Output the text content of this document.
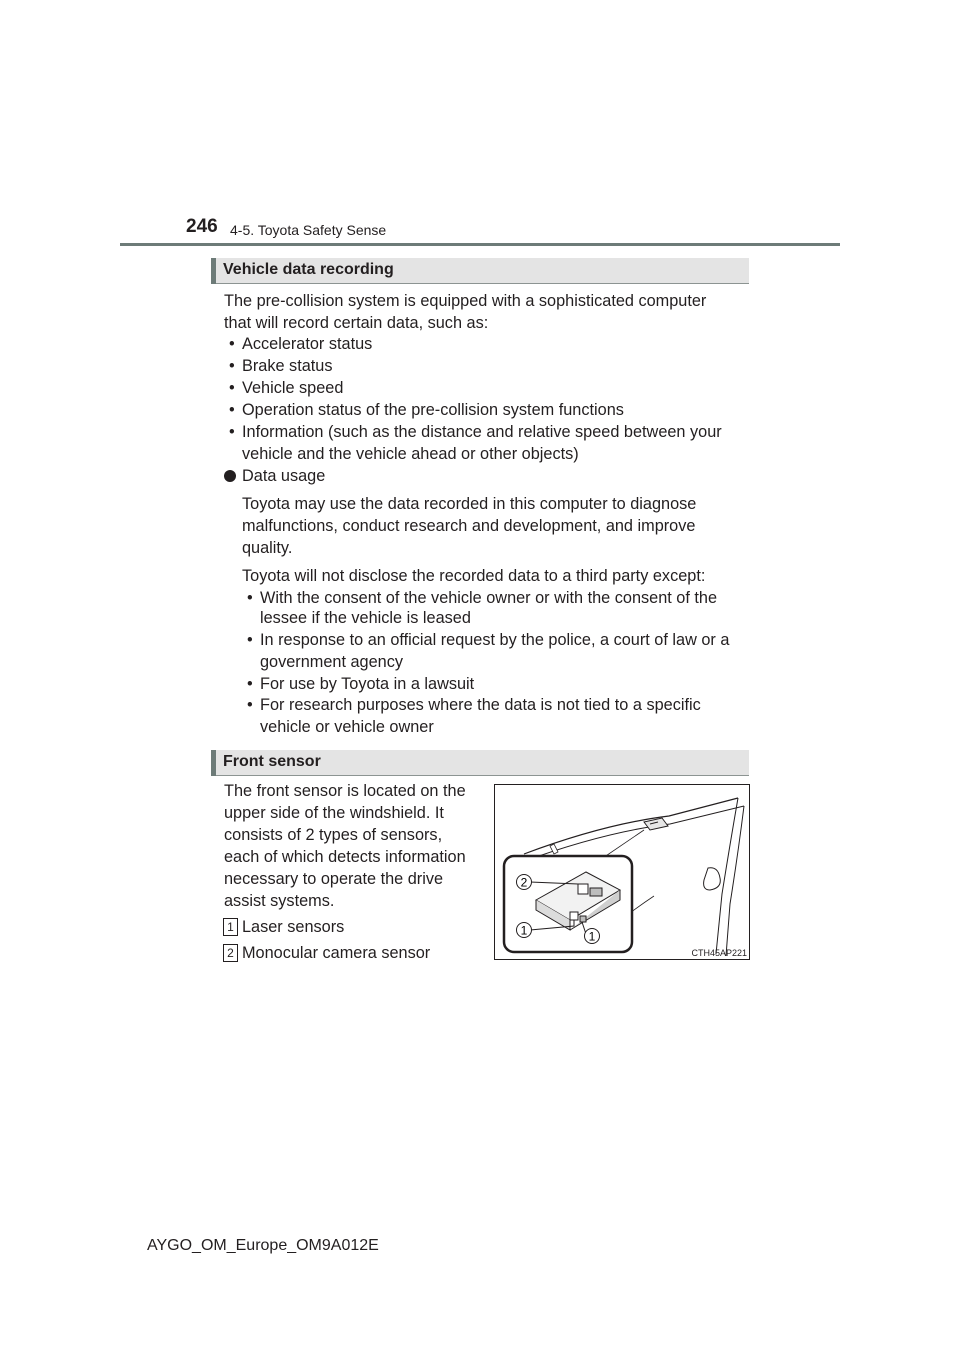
246 4-5. Toyota Safety Sense
Vehicle data recording
The pre-collision system is equipped with a sophisticated computer
that will record certain data, such as:
• Accelerator status
• Brake status
• Vehicle speed
• Operation status of the pre-collision system functions
• Information (such as the distance and relative speed between your
vehicle and the vehicle ahead or other objects)
Data usage
Toyota may use the data recorded in this computer to diagnose
malfunctions, conduct research and development, and improve
quality.
Toyota will not disclose the recorded data to a third party except:
• With the consent of the vehicle owner or with the consent of the
lessee if the vehicle is leased
• In response to an official request by the police, a court of law or a
government agency
• For use by Toyota in a lawsuit
• For research purposes where the data is not tied to a specific
vehicle or vehicle owner
Front sensor
The front sensor is located on the
upper side of the windshield. It
consists of 2 types of sensors,
each of which detects information
necessary to operate the drive
assist systems.
1 Laser sensors
2 Monocular camera sensor
2
1	1
CTH45AP221
AYGO_OM_Europe_OM9A012E
